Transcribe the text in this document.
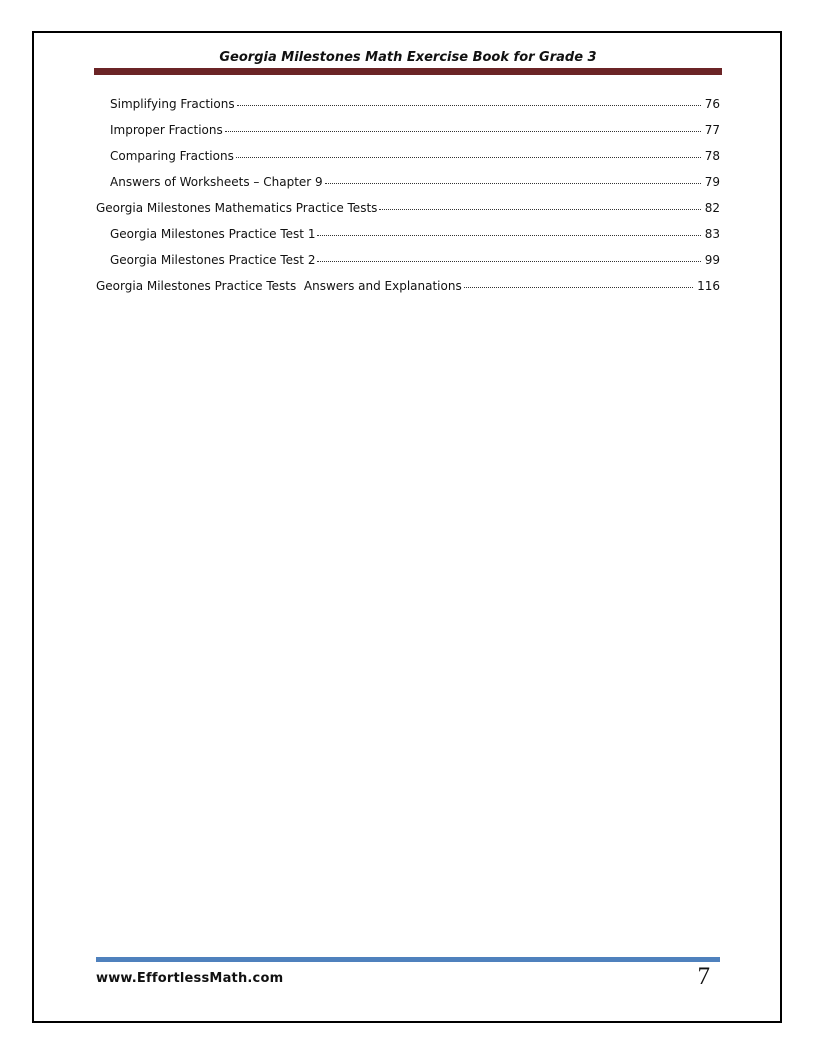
Georgia Milestones Math Exercise Book for Grade 3
Simplifying Fractions	76
Improper Fractions	77
Comparing Fractions	78
Answers of Worksheets – Chapter 9	79
Georgia Milestones Mathematics Practice Tests	82
Georgia Milestones Practice Test 1	83
Georgia Milestones Practice Test 2	99
Georgia Milestones Practice Tests  Answers and Explanations	116
www.EffortlessMath.com	7
